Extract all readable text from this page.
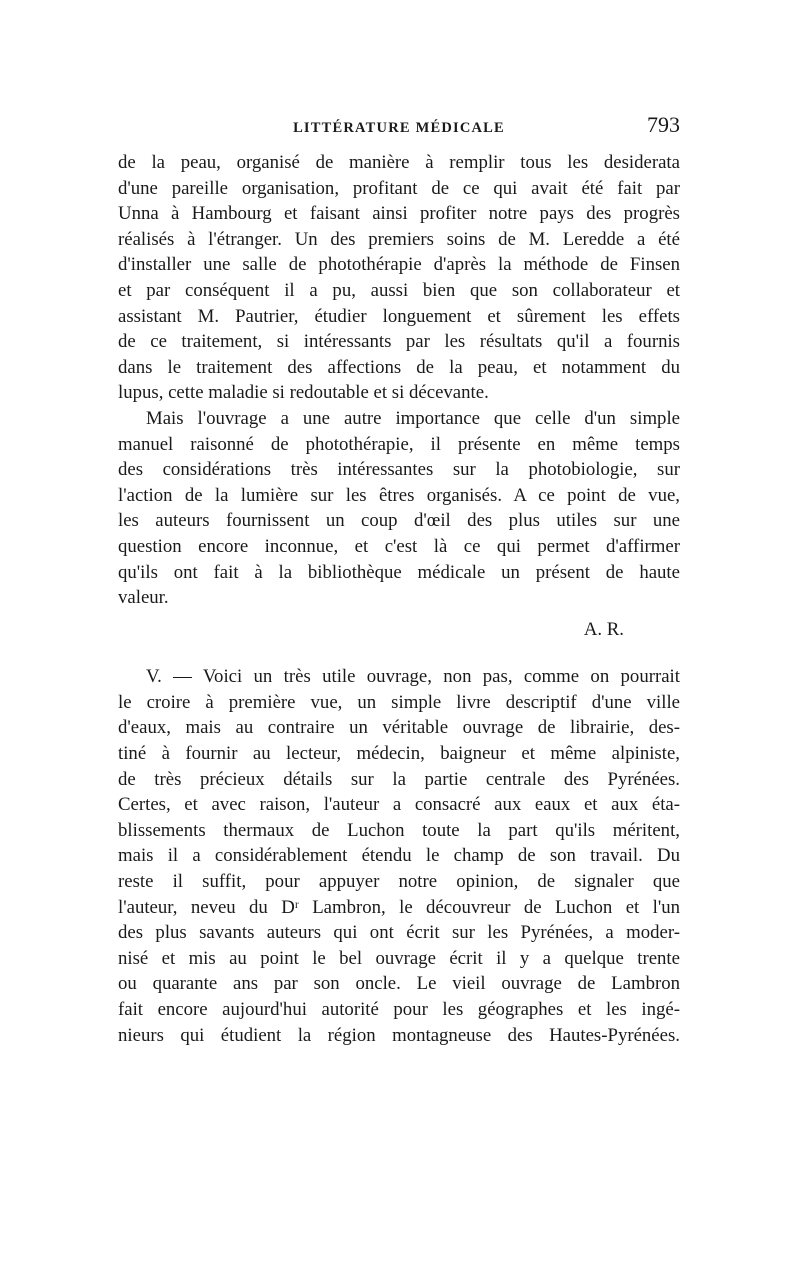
LITTÉRATURE MÉDICALE	793
de la peau, organisé de manière à remplir tous les desiderata
d'une pareille organisation, profitant de ce qui avait été fait par
Unna à Hambourg et faisant ainsi profiter notre pays des progrès
réalisés à l'étranger. Un des premiers soins de M. Leredde a été
d'installer une salle de photothérapie d'après la méthode de Finsen
et par conséquent il a pu, aussi bien que son collaborateur et
assistant M. Pautrier, étudier longuement et sûrement les effets
de ce traitement, si intéressants par les résultats qu'il a fournis
dans le traitement des affections de la peau, et notamment du
lupus, cette maladie si redoutable et si décevante.
Mais l'ouvrage a une autre importance que celle d'un simple
manuel raisonné de photothérapie, il présente en même temps
des considérations très intéressantes sur la photobiologie, sur
l'action de la lumière sur les êtres organisés. A ce point de vue,
les auteurs fournissent un coup d'œil des plus utiles sur une
question encore inconnue, et c'est là ce qui permet d'affirmer
qu'ils ont fait à la bibliothèque médicale un présent de haute
valeur.
A. R.
V. — Voici un très utile ouvrage, non pas, comme on pourrait
le croire à première vue, un simple livre descriptif d'une ville
d'eaux, mais au contraire un véritable ouvrage de librairie, des-
tiné à fournir au lecteur, médecin, baigneur et même alpiniste,
de très précieux détails sur la partie centrale des Pyrénées.
Certes, et avec raison, l'auteur a consacré aux eaux et aux éta-
blissements thermaux de Luchon toute la part qu'ils méritent,
mais il a considérablement étendu le champ de son travail. Du
reste il suffit, pour appuyer notre opinion, de signaler que
l'auteur, neveu du Dʳ Lambron, le découvreur de Luchon et l'un
des plus savants auteurs qui ont écrit sur les Pyrénées, a moder-
nisé et mis au point le bel ouvrage écrit il y a quelque trente
ou quarante ans par son oncle. Le vieil ouvrage de Lambron
fait encore aujourd'hui autorité pour les géographes et les ingé-
nieurs qui étudient la région montagneuse des Hautes-Pyrénées.
